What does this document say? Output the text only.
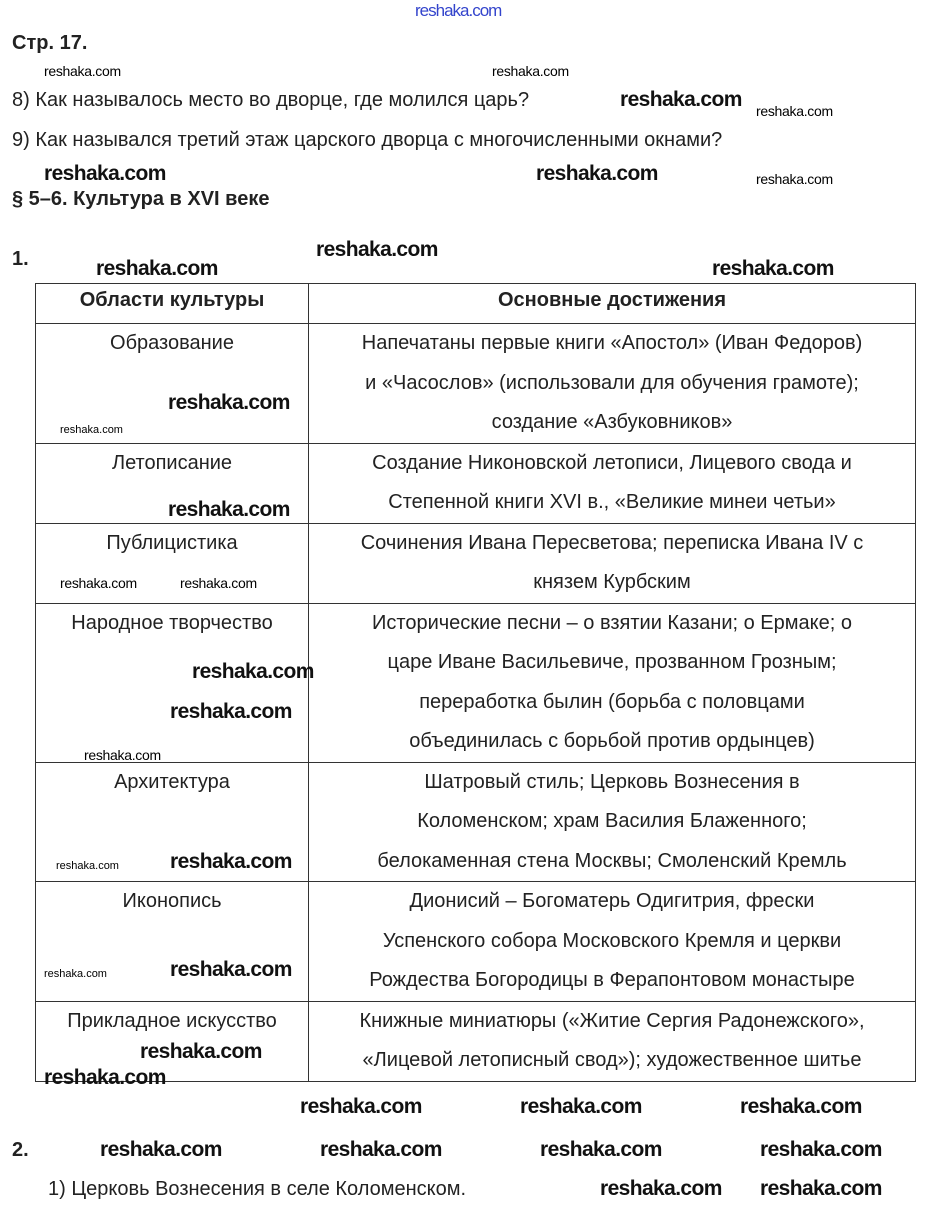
Стр. 17.
8) Как называлось место во дворце, где молился царь?
9) Как назывался третий этаж царского дворца с многочисленными окнами?
§ 5–6. Культура в XVI веке
1.
Области культуры	Основные достижения
Образование	Напечатаны первые книги «Апостол» (Иван Федоров)
и «Часослов» (использовали для обучения грамоте);
создание «Азбуковников»

Летописание	Создание Никоновской летописи, Лицевого свода и
Степенной книги XVI в., «Великие минеи четьи»

Публицистика	Сочинения Ивана Пересветова; переписка Ивана IV с
князем Курбским

Народное творчество	Исторические песни – о взятии Казани; о Ермаке; о
царе Иване Васильевиче, прозванном Грозным;
переработка былин (борьба с половцами
объединилась с борьбой против ордынцев)

Архитектура	Шатровый стиль; Церковь Вознесения в
Коломенском; храм Василия Блаженного;
белокаменная стена Москвы; Смоленский Кремль

Иконопись	Дионисий – Богоматерь Одигитрия, фрески
Успенского собора Московского Кремля и церкви
Рождества Богородицы в Ферапонтовом монастыре

Прикладное искусство	Книжные миниатюры («Житие Сергия Радонежского»,
«Лицевой летописный свод»); художественное шитье
2.
1) Церковь Вознесения в селе Коломенском.
reshaka.com
reshaka.com	reshaka.com
reshaka.com
reshaka.com
reshaka.com	reshaka.com
reshaka.com
reshaka.com
reshaka.com
reshaka.com
reshaka.com
reshaka.com	reshaka.com
reshaka.com
reshaka.com	reshaka.com
reshaka.com
reshaka.com
reshaka.com
reshaka.com
reshaka.com
reshaka.com
reshaka.com
reshaka.com
reshaka.com	reshaka.com	reshaka.com
reshaka.com	reshaka.com	reshaka.com	reshaka.com
reshaka.com reshaka.com
